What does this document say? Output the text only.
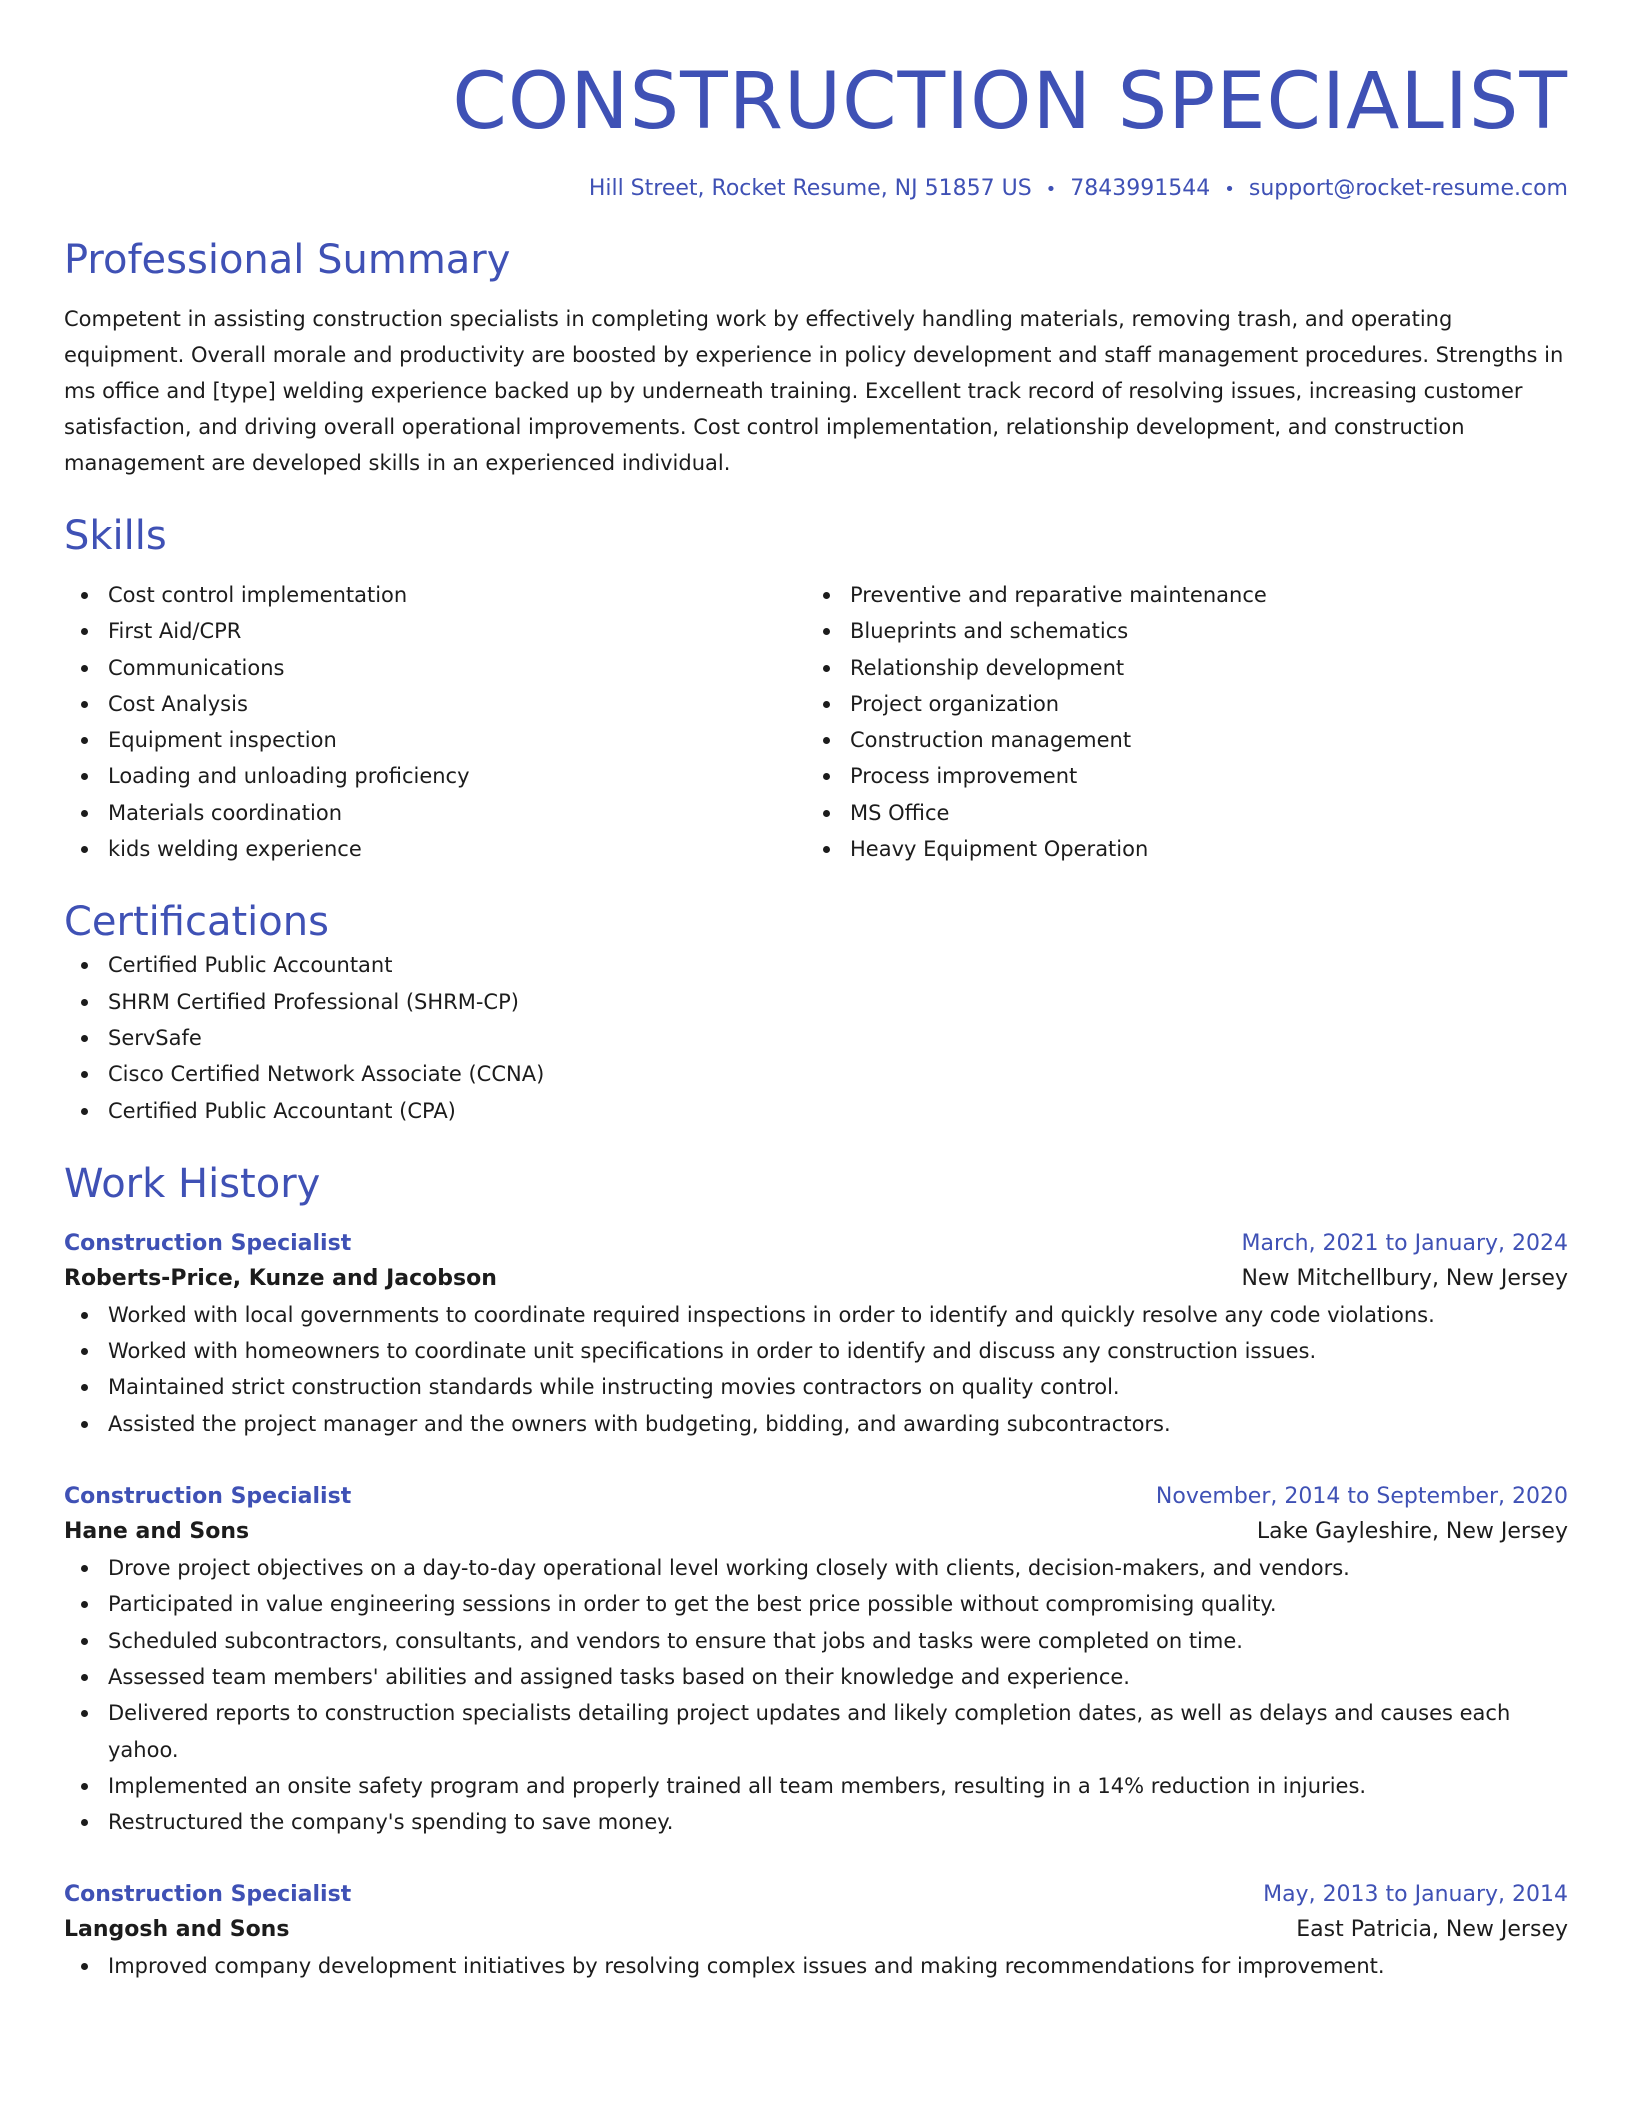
CONSTRUCTION SPECIALIST
Hill Street, Rocket Resume, NJ 51857 US • 7843991544 • support@rocket-resume.com
Professional Summary
Competent in assisting construction specialists in completing work by effectively handling materials, removing trash, and operating equipment. Overall morale and productivity are boosted by experience in policy development and staff management procedures. Strengths in ms office and [type] welding experience backed up by underneath training. Excellent track record of resolving issues, increasing customer satisfaction, and driving overall operational improvements. Cost control implementation, relationship development, and construction management are developed skills in an experienced individual.
Skills
Cost control implementation
First Aid/CPR
Communications
Cost Analysis
Equipment inspection
Loading and unloading proficiency
Materials coordination
kids welding experience
Preventive and reparative maintenance
Blueprints and schematics
Relationship development
Project organization
Construction management
Process improvement
MS Office
Heavy Equipment Operation
Certifications
Certified Public Accountant
SHRM Certified Professional (SHRM-CP)
ServSafe
Cisco Certified Network Associate (CCNA)
Certified Public Accountant (CPA)
Work History
Construction Specialist	March, 2021 to January, 2024
Roberts-Price, Kunze and Jacobson	New Mitchellbury, New Jersey
Worked with local governments to coordinate required inspections in order to identify and quickly resolve any code violations.
Worked with homeowners to coordinate unit specifications in order to identify and discuss any construction issues.
Maintained strict construction standards while instructing movies contractors on quality control.
Assisted the project manager and the owners with budgeting, bidding, and awarding subcontractors.
Construction Specialist	November, 2014 to September, 2020
Hane and Sons	Lake Gayleshire, New Jersey
Drove project objectives on a day-to-day operational level working closely with clients, decision-makers, and vendors.
Participated in value engineering sessions in order to get the best price possible without compromising quality.
Scheduled subcontractors, consultants, and vendors to ensure that jobs and tasks were completed on time.
Assessed team members' abilities and assigned tasks based on their knowledge and experience.
Delivered reports to construction specialists detailing project updates and likely completion dates, as well as delays and causes each yahoo.
Implemented an onsite safety program and properly trained all team members, resulting in a 14% reduction in injuries.
Restructured the company's spending to save money.
Construction Specialist	May, 2013 to January, 2014
Langosh and Sons	East Patricia, New Jersey
Improved company development initiatives by resolving complex issues and making recommendations for improvement.
